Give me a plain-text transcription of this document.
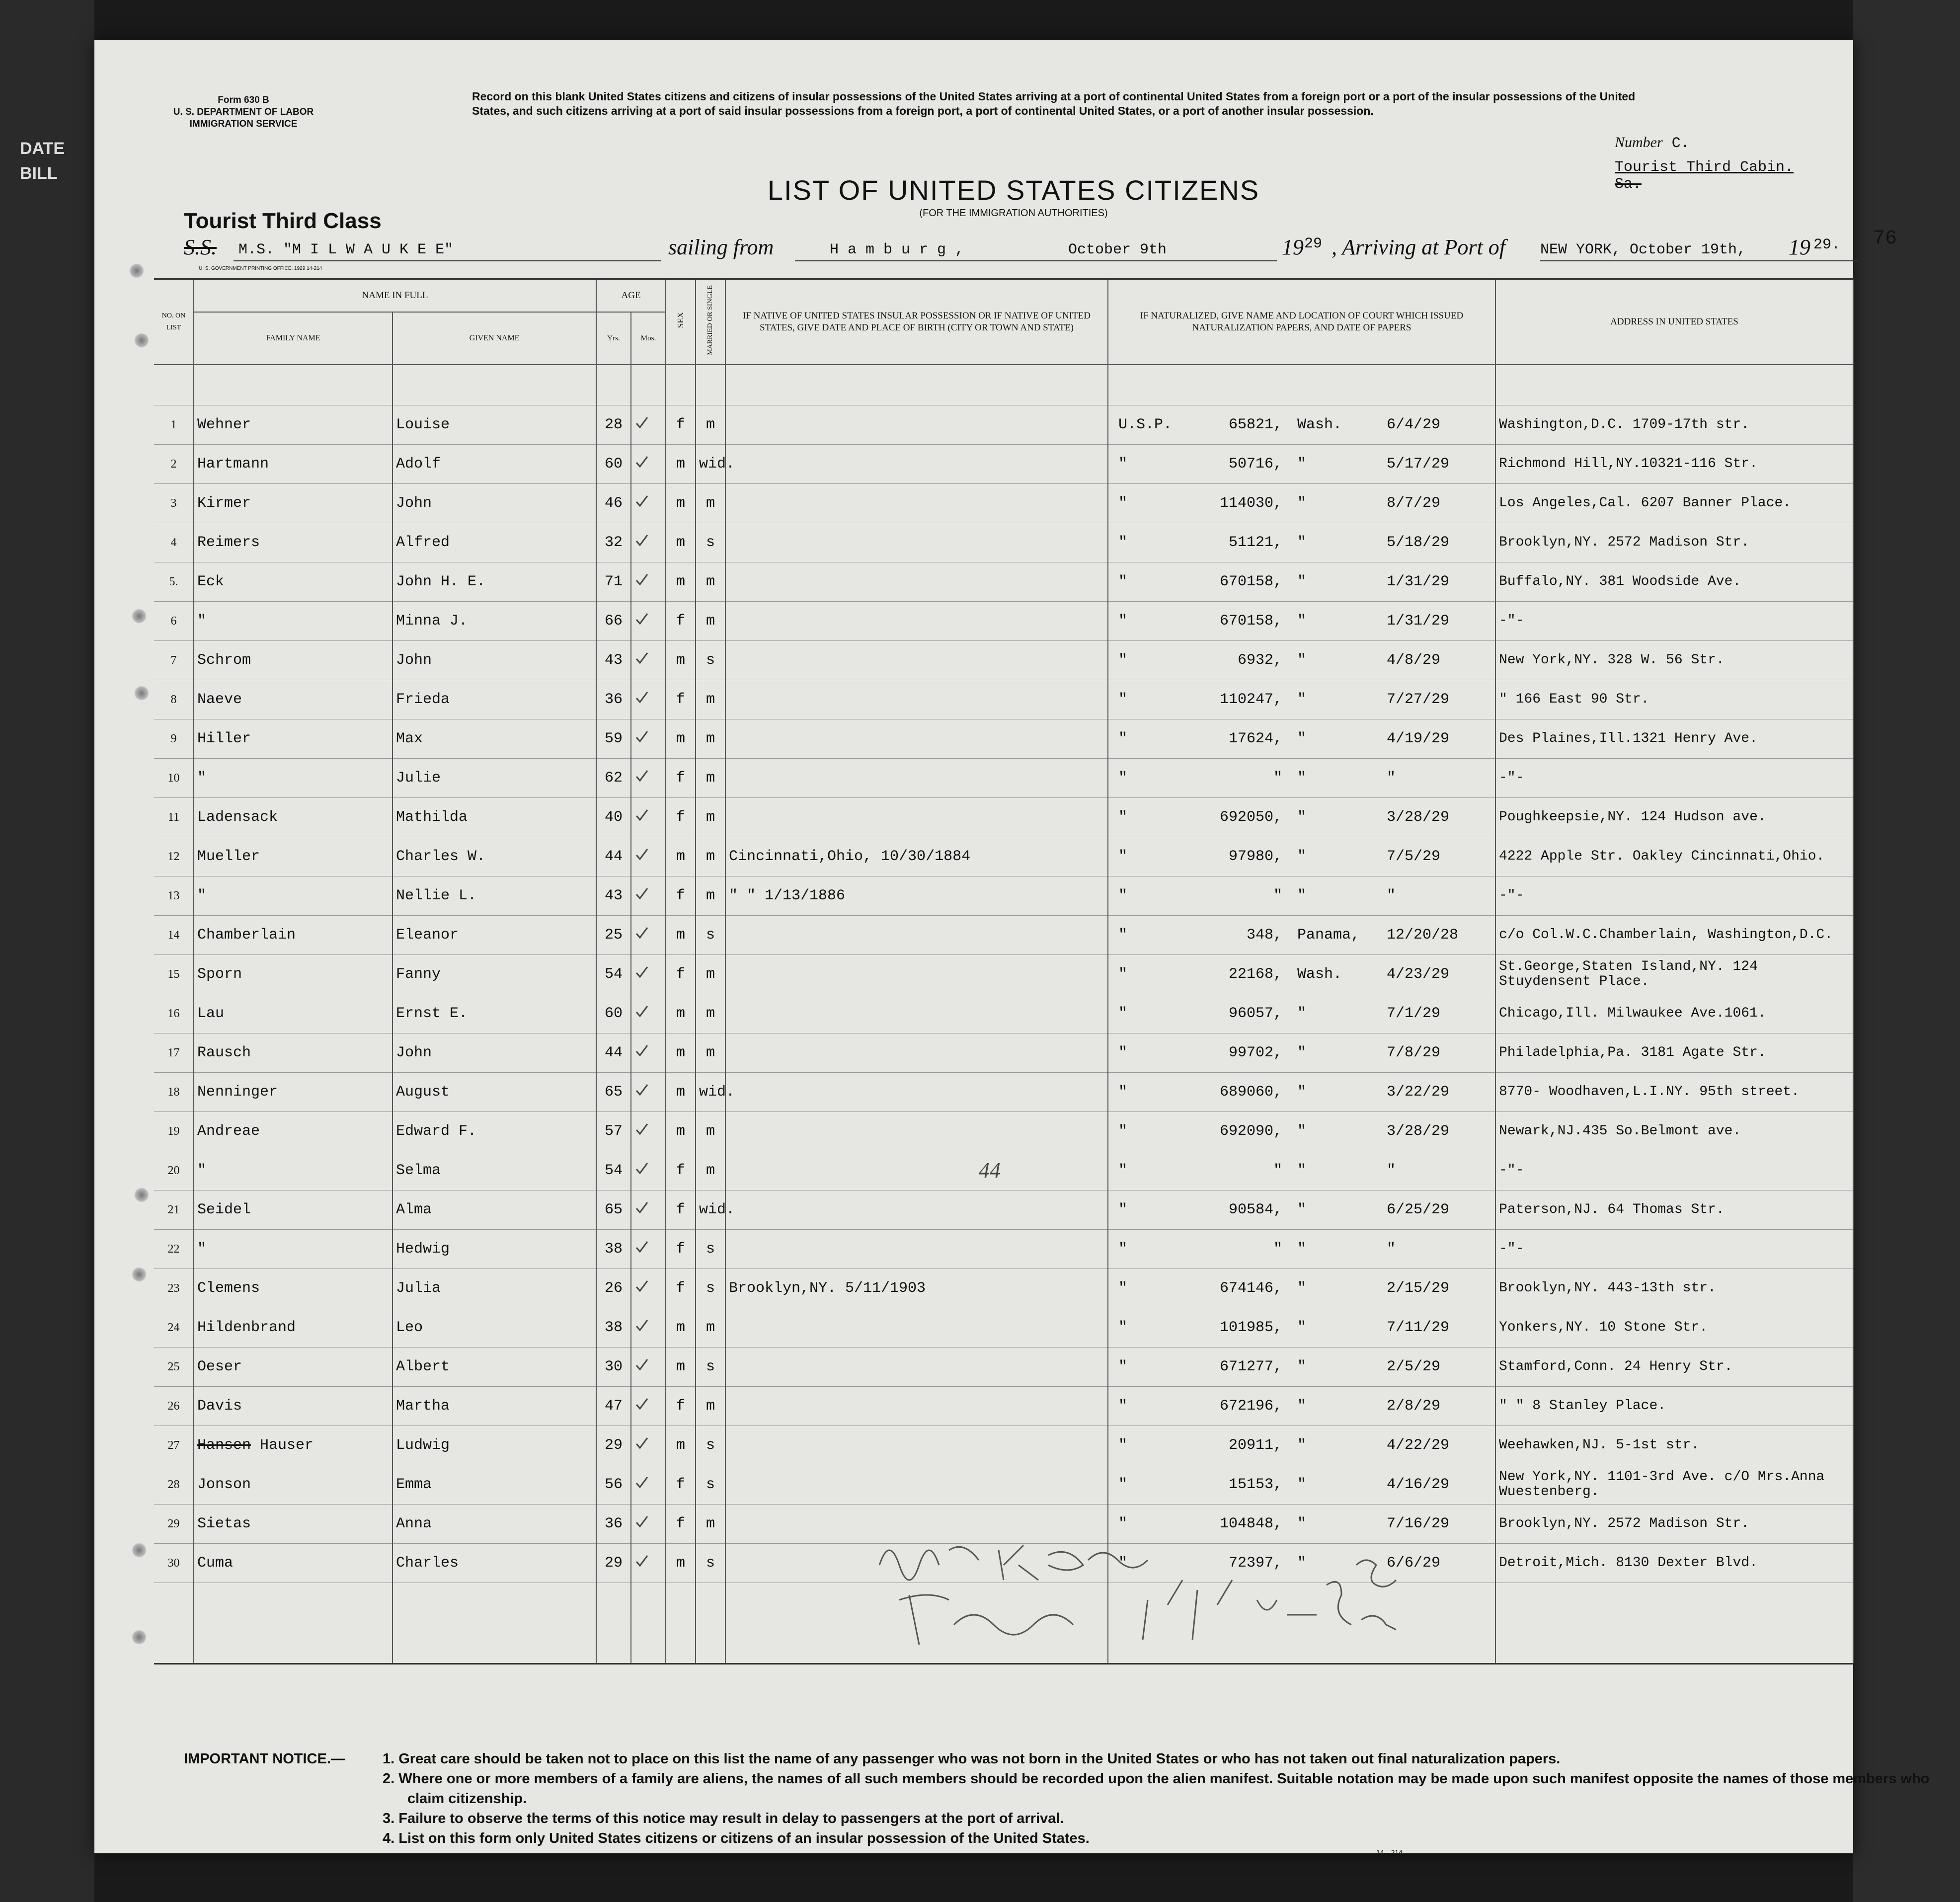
DATE
BILL
Form 630 B
U. S. DEPARTMENT OF LABOR
IMMIGRATION SERVICE
Record on this blank United States citizens and citizens of insular possessions of the United States arriving at a port of continental United States from a foreign port or a port of the insular possessions of the United States, and such citizens arriving at a port of said insular possessions from a foreign port, a port of continental United States, or a port of another insular possession.
Number C.
Tourist Third Cabin. Sa.
LIST OF UNITED STATES CITIZENS
(FOR THE IMMIGRATION AUTHORITIES)
Tourist Third Class
S.S. M.S. "M I L W A U K E E"	sailing from	H a m b u r g ,	October 9th	19 29 , Arriving at Port of NEW YORK, October 19th, 19 29. 76
U. S. GOVERNMENT PRINTING OFFICE: 1929 14-214
NO. ON LIST	NAME IN FULL		AGE		SEX	MARRIED OR SINGLE	IF NATIVE OF UNITED STATES INSULAR POSSESSION OR IF NATIVE OF UNITED STATES, GIVE DATE AND PLACE OF BIRTH (CITY OR TOWN AND STATE)	IF NATURALIZED, GIVE NAME AND LOCATION OF COURT WHICH ISSUED NATURALIZATION PAPERS, AND DATE OF PAPERS	ADDRESS IN UNITED STATES
	FAMILY NAME	GIVEN NAME	Yrs.	Mos.					

1	Wehner	Louise	28		f	m		U.S.P. 65821, Wash. 6/4/29	Washington,D.C. 1709-17th str.
2	Hartmann	Adolf	60		m	wid.		" 50716, " 5/17/29	Richmond Hill,NY.10321-116 Str.
3	Kirmer	John	46		m	m		" 114030, " 8/7/29	Los Angeles,Cal. 6207 Banner Place.
4	Reimers	Alfred	32		m	s		" 51121, " 5/18/29	Brooklyn,NY. 2572 Madison Str.
5.	Eck	John H. E.	71		m	m		" 670158, " 1/31/29	Buffalo,NY. 381 Woodside Ave.
6	"	Minna J.	66		f	m		" 670158, " 1/31/29	-"-
7	Schrom	John	43		m	s		" 6932, " 4/8/29	New York,NY. 328 W. 56 Str.
8	Naeve	Frieda	36		f	m		" 110247, " 7/27/29	" 166 East 90 Str.
9	Hiller	Max	59		m	m		" 17624, " 4/19/29	Des Plaines,Ill.1321 Henry Ave.
10	"	Julie	62		f	m		" " " "	-"-
11	Ladensack	Mathilda	40		f	m		" 692050, " 3/28/29	Poughkeepsie,NY. 124 Hudson ave.
12	Mueller	Charles W.	44		m	m	Cincinnati,Ohio, 10/30/1884	" 97980, " 7/5/29	4222 Apple Str. Oakley Cincinnati,Ohio.
13	"	Nellie L.	43		f	m	" " 1/13/1886	" " " "	-"-
14	Chamberlain	Eleanor	25		m	s		" 348, Panama, 12/20/28	c/o Col.W.C.Chamberlain, Washington,D.C.
15	Sporn	Fanny	54		f	m		" 22168, Wash. 4/23/29	St.George,Staten Island,NY. 124 Stuydensent Place.
16	Lau	Ernst E.	60		m	m		" 96057, " 7/1/29	Chicago,Ill. Milwaukee Ave.1061.
17	Rausch	John	44		m	m		" 99702, " 7/8/29	Philadelphia,Pa. 3181 Agate Str.
18	Nenninger	August	65		m	wid.		" 689060, " 3/22/29	8770- Woodhaven,L.I.NY. 95th street.
19	Andreae	Edward F.	57		m	m		" 692090, " 3/28/29	Newark,NJ.435 So.Belmont ave.
20	"	Selma	54		f	m		" " " "	-"-
21	Seidel	Alma	65		f	wid.		" 90584, " 6/25/29	Paterson,NJ. 64 Thomas Str.
22	"	Hedwig	38		f	s		" " " "	-"-
23	Clemens	Julia	26		f	s	Brooklyn,NY. 5/11/1903	" 674146, " 2/15/29	Brooklyn,NY. 443-13th str.
24	Hildenbrand	Leo	38		m	m		" 101985, " 7/11/29	Yonkers,NY. 10 Stone Str.
25	Oeser	Albert	30		m	s		" 671277, " 2/5/29	Stamford,Conn. 24 Henry Str.
26	Davis	Martha	47		f	m		" 672196, " 2/8/29	" " 8 Stanley Place.
27	Hansen Hauser	Ludwig	29		m	s		" 20911, " 4/22/29	Weehawken,NJ. 5-1st str.
28	Jonson	Emma	56		f	s		" 15153, " 4/16/29	New York,NY. 1101-3rd Ave. c/O Mrs.Anna Wuestenberg.
29	Sietas	Anna	36		f	m		" 104848, " 7/16/29	Brooklyn,NY. 2572 Madison Str.
30	Cuma	Charles	29		m	s		" 72397, " 6/6/29	Detroit,Mich. 8130 Dexter Blvd.

44
IMPORTANT NOTICE.—	1. Great care should be taken not to place on this list the name of any passenger who was not born in the United States or who has not taken out final naturalization papers.
2. Where one or more members of a family are aliens, the names of all such members should be recorded upon the alien manifest. Suitable notation may be made upon such manifest opposite the names of those members who claim citizenship.
3. Failure to observe the terms of this notice may result in delay to passengers at the port of arrival.
4. List on this form only United States citizens or citizens of an insular possession of the United States.
14—214
